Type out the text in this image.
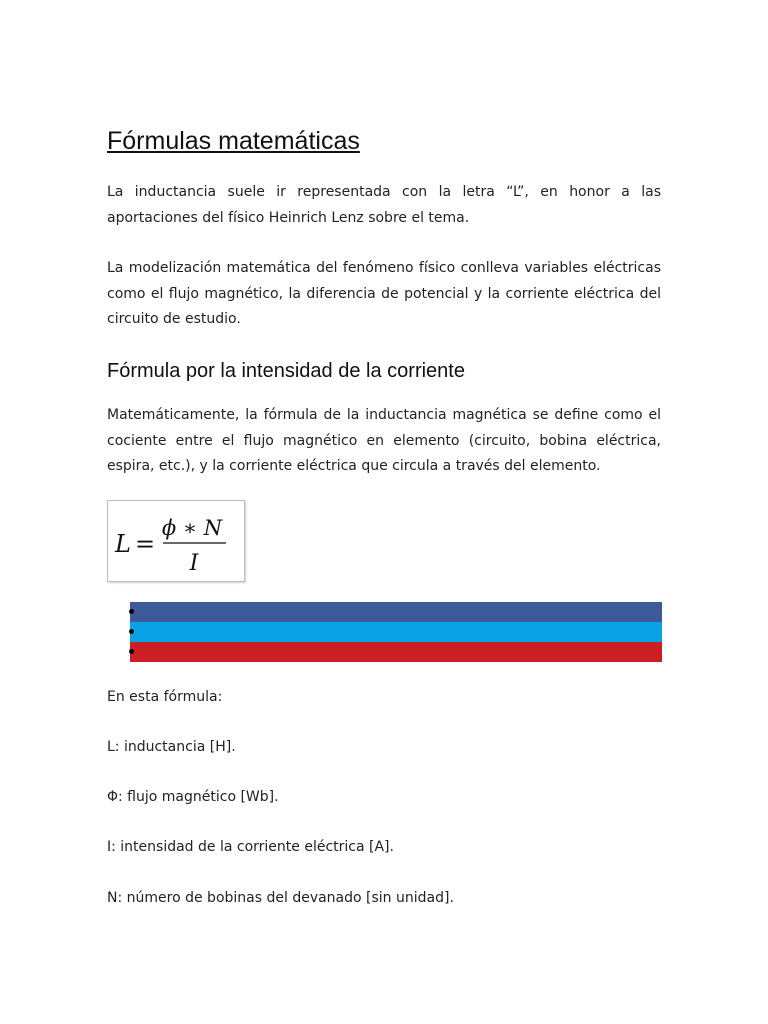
Fórmulas matemáticas

La inductancia suele ir representada con la letra “L”, en honor a las aportaciones del físico Heinrich Lenz sobre el tema.

La modelización matemática del fenómeno físico conlleva variables eléctricas como el flujo magnético, la diferencia de potencial y la corriente eléctrica del circuito de estudio.

Fórmula por la intensidad de la corriente

Matemáticamente, la fórmula de la inductancia magnética se define como el cociente entre el flujo magnético en elemento (circuito, bobina eléctrica, espira, etc.), y la corriente eléctrica que circula a través del elemento.

L =
ϕ ∗ N
I

En esta fórmula:

L: inductancia [H].

Φ: flujo magnético [Wb].

I: intensidad de la corriente eléctrica [A].

N: número de bobinas del devanado [sin unidad].
